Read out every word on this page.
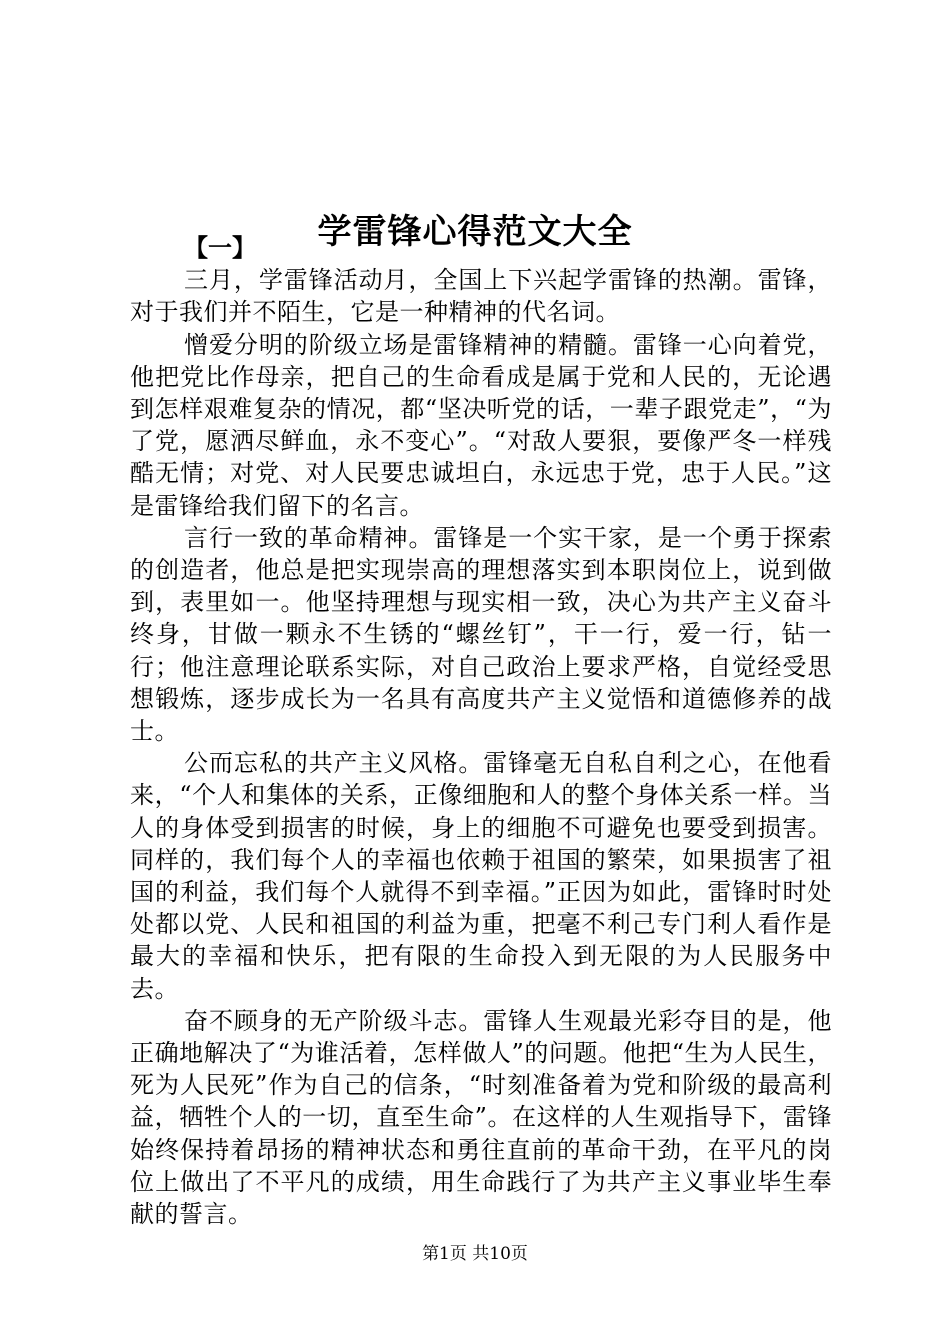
学雷锋心得范文大全

【一】

三月，学雷锋活动月，全国上下兴起学雷锋的热潮。雷锋，对于我们并不陌生，它是一种精神的代名词。

憎爱分明的阶级立场是雷锋精神的精髓。雷锋一心向着党，他把党比作母亲，把自己的生命看成是属于党和人民的，无论遇到怎样艰难复杂的情况，都“坚决听党的话，一辈子跟党走”，“为了党，愿洒尽鲜血，永不变心”。“对敌人要狠，要像严冬一样残酷无情；对党、对人民要忠诚坦白，永远忠于党，忠于人民。”这是雷锋给我们留下的名言。

言行一致的革命精神。雷锋是一个实干家，是一个勇于探索的创造者，他总是把实现崇高的理想落实到本职岗位上，说到做到，表里如一。他坚持理想与现实相一致，决心为共产主义奋斗终身，甘做一颗永不生锈的“螺丝钉”，干一行，爱一行，钻一行；他注意理论联系实际，对自己政治上要求严格，自觉经受思想锻炼，逐步成长为一名具有高度共产主义觉悟和道德修养的战士。

公而忘私的共产主义风格。雷锋毫无自私自利之心，在他看来，“个人和集体的关系，正像细胞和人的整个身体关系一样。当人的身体受到损害的时候，身上的细胞不可避免也要受到损害。同样的，我们每个人的幸福也依赖于祖国的繁荣，如果损害了祖国的利益，我们每个人就得不到幸福。”正因为如此，雷锋时时处处都以党、人民和祖国的利益为重，把毫不利己专门利人看作是最大的幸福和快乐，把有限的生命投入到无限的为人民服务中去。

奋不顾身的无产阶级斗志。雷锋人生观最光彩夺目的是，他正确地解决了“为谁活着，怎样做人”的问题。他把“生为人民生，死为人民死”作为自己的信条，“时刻准备着为党和阶级的最高利益，牺牲个人的一切，直至生命”。在这样的人生观指导下，雷锋始终保持着昂扬的精神状态和勇往直前的革命干劲，在平凡的岗位上做出了不平凡的成绩，用生命践行了为共产主义事业毕生奉献的誓言。

第1页 共10页
